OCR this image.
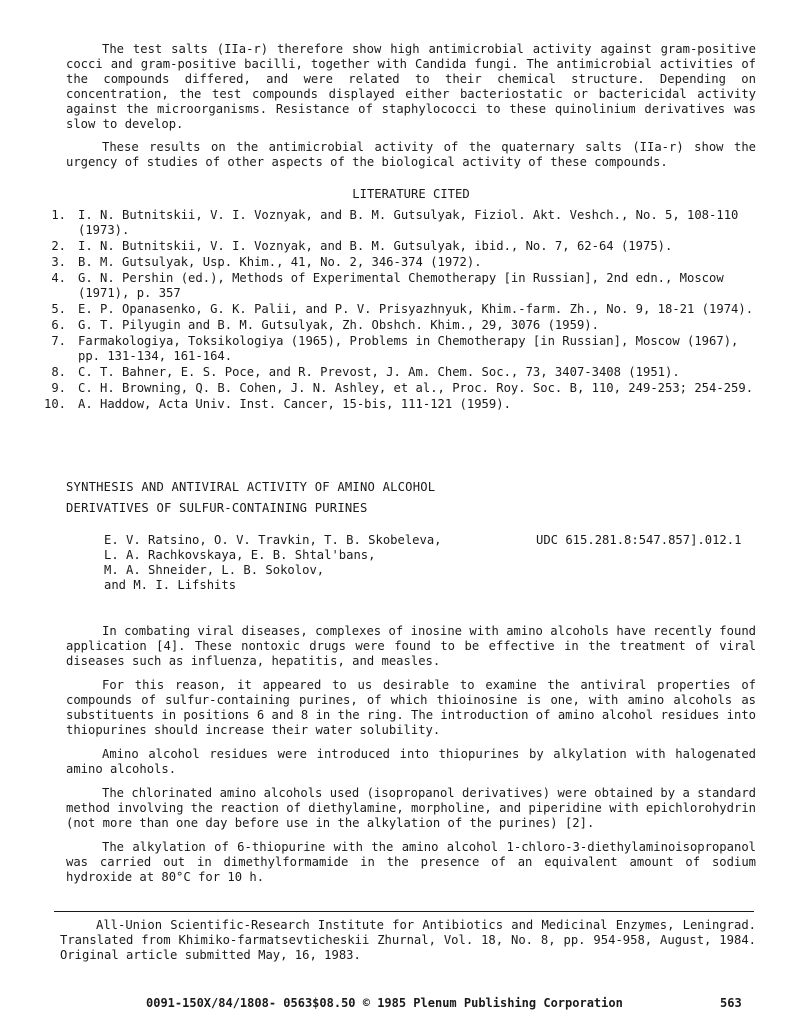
The test salts (IIa-r) therefore show high antimicrobial activity against gram-positive cocci and gram-positive bacilli, together with Candida fungi. The antimicrobial activities of the compounds differed, and were related to their chemical structure. Depending on concentration, the test compounds displayed either bacteriostatic or bactericidal activity against the microorganisms. Resistance of staphylococci to these quinolinium derivatives was slow to develop.

These results on the antimicrobial activity of the quaternary salts (IIa-r) show the urgency of studies of other aspects of the biological activity of these compounds.

LITERATURE CITED
1. I. N. Butnitskii, V. I. Voznyak, and B. M. Gutsulyak, Fiziol. Akt. Veshch., No. 5, 108-110 (1973).
2. I. N. Butnitskii, V. I. Voznyak, and B. M. Gutsulyak, ibid., No. 7, 62-64 (1975).
3. B. M. Gutsulyak, Usp. Khim., 41, No. 2, 346-374 (1972).
4. G. N. Pershin (ed.), Methods of Experimental Chemotherapy [in Russian], 2nd edn., Moscow (1971), p. 357
5. E. P. Opanasenko, G. K. Palii, and P. V. Prisyazhnyuk, Khim.-farm. Zh., No. 9, 18-21 (1974).
6. G. T. Pilyugin and B. M. Gutsulyak, Zh. Obshch. Khim., 29, 3076 (1959).
7. Farmakologiya, Toksikologiya (1965), Problems in Chemotherapy [in Russian], Moscow (1967), pp. 131-134, 161-164.
8. C. T. Bahner, E. S. Poce, and R. Prevost, J. Am. Chem. Soc., 73, 3407-3408 (1951).
9. C. H. Browning, Q. B. Cohen, J. N. Ashley, et al., Proc. Roy. Soc. B, 110, 249-253; 254-259.
10. A. Haddow, Acta Univ. Inst. Cancer, 15-bis, 111-121 (1959).
SYNTHESIS AND ANTIVIRAL ACTIVITY OF AMINO ALCOHOL
DERIVATIVES OF SULFUR-CONTAINING PURINES
E. V. Ratsino, O. V. Travkin, T. B. Skobeleva,
L. A. Rachkovskaya, E. B. Shtal'bans,
M. A. Shneider, L. B. Sokolov,
and M. I. Lifshits
UDC 615.281.8:547.857].012.1

In combating viral diseases, complexes of inosine with amino alcohols have recently found application [4]. These nontoxic drugs were found to be effective in the treatment of viral diseases such as influenza, hepatitis, and measles.

For this reason, it appeared to us desirable to examine the antiviral properties of compounds of sulfur-containing purines, of which thioinosine is one, with amino alcohols as substituents in positions 6 and 8 in the ring. The introduction of amino alcohol residues into thiopurines should increase their water solubility.

Amino alcohol residues were introduced into thiopurines by alkylation with halogenated amino alcohols.

The chlorinated amino alcohols used (isopropanol derivatives) were obtained by a standard method involving the reaction of diethylamine, morpholine, and piperidine with epichlorohydrin (not more than one day before use in the alkylation of the purines) [2].

The alkylation of 6-thiopurine with the amino alcohol 1-chloro-3-diethylaminoisopropanol was carried out in dimethylformamide in the presence of an equivalent amount of sodium hydroxide at 80°C for 10 h.

All-Union Scientific-Research Institute for Antibiotics and Medicinal Enzymes, Leningrad. Translated from Khimiko-farmatsevticheskii Zhurnal, Vol. 18, No. 8, pp. 954-958, August, 1984. Original article submitted May, 16, 1983.

0091-150X/84/1808- 0563$08.50 © 1985 Plenum Publishing Corporation	563
